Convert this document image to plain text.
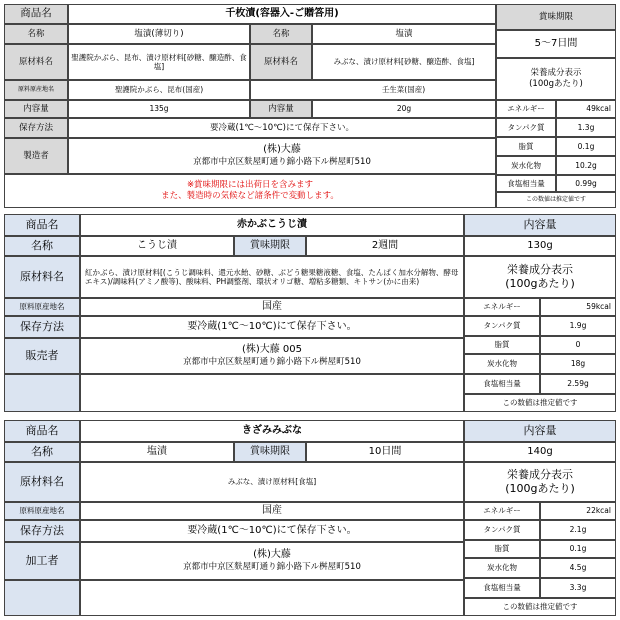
商品名	千枚漬(容器入-ご贈答用)
名称	塩漬(薄切り)	名称	塩漬
原材料名	聖護院かぶら、昆布、漬け原材料[砂糖、醸造酢、食塩]	原材料名	みぶな、漬け原材料[砂糖、醸造酢、食塩]
原料原産地名	聖護院かぶら、昆布(国産)	壬生菜(国産)
内容量	135g	内容量	20g
保存方法	要冷蔵(1℃～10℃)にて保存下さい。
製造者
(株)大藤
京都市中京区麩屋町通り錦小路下ル桝屋町510
※賞味期限には出荷日を含みます
また、製造時の気候など諸条件で変動します。
賞味期限
5～7日間
栄養成分表示
(100gあたり)
エネルギー	49kcal
タンパク質	1.3g
脂質	0.1g
炭水化物	10.2g
食塩相当量	0.99g
この数値は推定値です
商品名	赤かぶこうじ漬	内容量
名称	こうじ漬	賞味期限	2週間	130g
原材料名	紅かぶら、漬け原材料[(こうじ調味料、還元水飴、砂糖、ぶどう糖果糖液糖、食塩、たんぱく加水分解物、酵母エキス)/調味料(アミノ酸等)、酸味料、PH調整剤、環状オリゴ糖、増粘多糖類、キトサン(かに由来)
栄養成分表示
(100gあたり)
原料原産地名	国産
保存方法	要冷蔵(1℃～10℃)にて保存下さい。
販売者	(株)大藤 005
京都市中京区麩屋町通り錦小路下ル桝屋町510
エネルギー	59kcal
タンパク質	1.9g
脂質	0
炭水化物	18g
食塩相当量	2.59g
この数値は推定値です
商品名	きざみみぶな	内容量
名称	塩漬	賞味期限	10日間	140g
原材料名	みぶな、漬け原材料[食塩]
栄養成分表示
(100gあたり)
原料原産地名	国産
保存方法	要冷蔵(1℃～10℃)にて保存下さい。
加工者	(株)大藤
京都市中京区麩屋町通り錦小路下ル桝屋町510
エネルギー	22kcal
タンパク質	2.1g
脂質	0.1g
炭水化物	4.5g
食塩相当量	3.3g
この数値は推定値です
